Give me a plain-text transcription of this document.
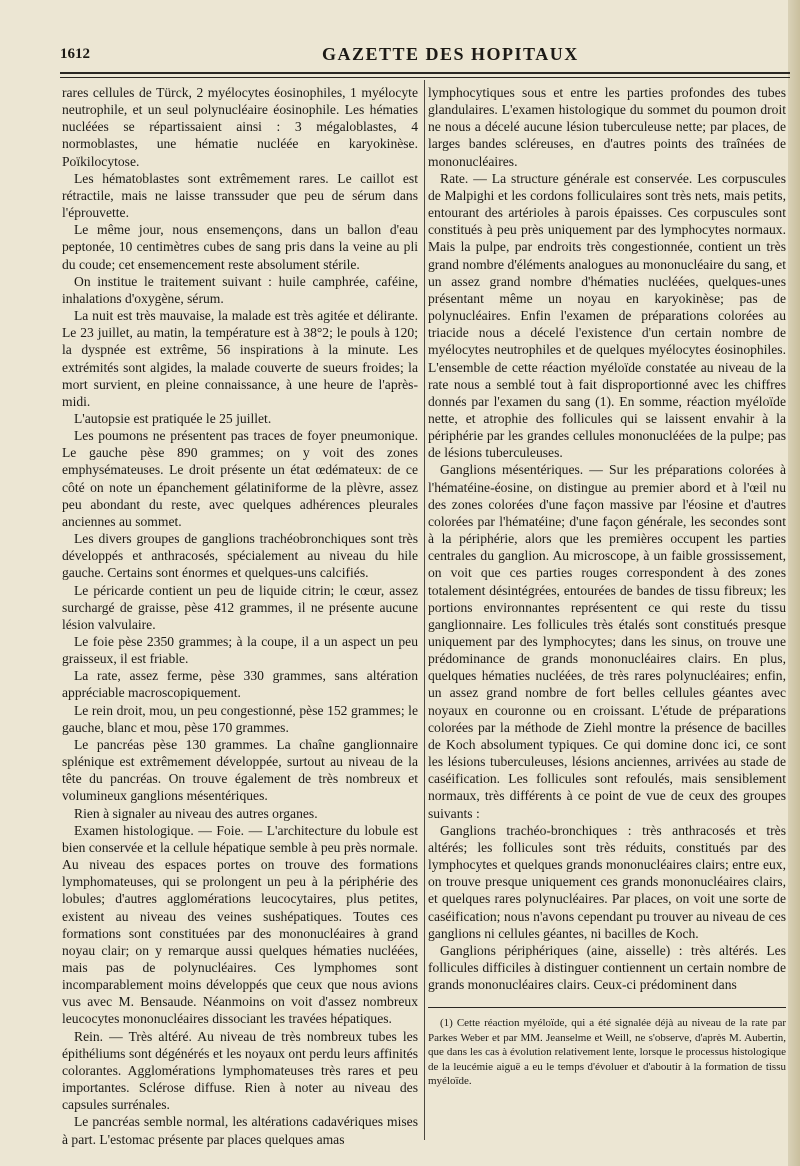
1612	GAZETTE DES HOPITAUX

rares cellules de Türck, 2 myélocytes éosinophiles, 1 myélocyte neutrophile, et un seul polynucléaire éosinophile. Les hématies nucléées se répartissaient ainsi : 3 mégaloblastes, 4 normoblastes, une hématie nucléée en karyokinèse. Poïkilocytose.

Les hématoblastes sont extrêmement rares. Le caillot est rétractile, mais ne laisse transsuder que peu de sérum dans l'éprouvette.

Le même jour, nous ensemençons, dans un ballon d'eau peptonée, 10 centimètres cubes de sang pris dans la veine au pli du coude; cet ensemencement reste absolument stérile.

On institue le traitement suivant : huile camphrée, caféine, inhalations d'oxygène, sérum.

La nuit est très mauvaise, la malade est très agitée et délirante. Le 23 juillet, au matin, la température est à 38°2; le pouls à 120; la dyspnée est extrême, 56 inspirations à la minute. Les extrémités sont algides, la malade couverte de sueurs froides; la mort survient, en pleine connaissance, à une heure de l'après-midi.

L'autopsie est pratiquée le 25 juillet.

Les poumons ne présentent pas traces de foyer pneumonique. Le gauche pèse 890 grammes; on y voit des zones emphysémateuses. Le droit présente un état œdémateux: de ce côté on note un épanchement gélatiniforme de la plèvre, assez peu abondant du reste, avec quelques adhérences pleurales anciennes au sommet.

Les divers groupes de ganglions trachéobronchiques sont très développés et anthracosés, spécialement au niveau du hile gauche. Certains sont énormes et quelques-uns calcifiés.

Le péricarde contient un peu de liquide citrin; le cœur, assez surchargé de graisse, pèse 412 grammes, il ne présente aucune lésion valvulaire.

Le foie pèse 2350 grammes; à la coupe, il a un aspect un peu graisseux, il est friable.

La rate, assez ferme, pèse 330 grammes, sans altération appréciable macroscopiquement.

Le rein droit, mou, un peu congestionné, pèse 152 grammes; le gauche, blanc et mou, pèse 170 grammes.

Le pancréas pèse 130 grammes. La chaîne ganglionnaire splénique est extrêmement développée, surtout au niveau de la tête du pancréas. On trouve également de très nombreux et volumineux ganglions mésentériques.

Rien à signaler au niveau des autres organes.

Examen histologique. — Foie. — L'architecture du lobule est bien conservée et la cellule hépatique semble à peu près normale. Au niveau des espaces portes on trouve des formations lymphomateuses, qui se prolongent un peu à la périphérie des lobules; d'autres agglomérations leucocytaires, plus petites, existent au niveau des veines sushépatiques. Toutes ces formations sont constituées par des mononucléaires à grand noyau clair; on y remarque aussi quelques hématies nucléées, mais pas de polynucléaires. Ces lymphomes sont incomparablement moins développés que ceux que nous avions vus avec M. Bensaude. Néanmoins on voit d'assez nombreux leucocytes mononucléaires dissociant les travées hépatiques.

Rein. — Très altéré. Au niveau de très nombreux tubes les épithéliums sont dégénérés et les noyaux ont perdu leurs affinités colorantes. Agglomérations lymphomateuses très rares et peu importantes. Sclérose diffuse. Rien à noter au niveau des capsules surrénales.

Le pancréas semble normal, les altérations cadavériques mises à part. L'estomac présente par places quelques amas

lymphocytiques sous et entre les parties profondes des tubes glandulaires. L'examen histologique du sommet du poumon droit ne nous a décelé aucune lésion tuberculeuse nette; par places, de larges bandes scléreuses, en d'autres points des traînées de mononucléaires.

Rate. — La structure générale est conservée. Les corpuscules de Malpighi et les cordons folliculaires sont très nets, mais petits, entourant des artérioles à parois épaisses. Ces corpuscules sont constitués à peu près uniquement par des lymphocytes normaux. Mais la pulpe, par endroits très congestionnée, contient un très grand nombre d'éléments analogues au mononucléaire du sang, et un assez grand nombre d'hématies nucléées, quelques-unes présentant même un noyau en karyokinèse; pas de polynucléaires. Enfin l'examen de préparations colorées au triacide nous a décelé l'existence d'un certain nombre de myélocytes neutrophiles et de quelques myélocytes éosinophiles. L'ensemble de cette réaction myéloïde constatée au niveau de la rate nous a semblé tout à fait disproportionné avec les chiffres donnés par l'examen du sang (1). En somme, réaction myéloïde nette, et atrophie des follicules qui se laissent envahir à la périphérie par les grandes cellules mononucléées de la pulpe; pas de lésions tuberculeuses.

Ganglions mésentériques. — Sur les préparations colorées à l'hématéine-éosine, on distingue au premier abord et à l'œil nu des zones colorées d'une façon massive par l'éosine et d'autres colorées par l'hématéine; d'une façon générale, les secondes sont à la périphérie, alors que les premières occupent les parties centrales du ganglion. Au microscope, à un faible grossissement, on voit que ces parties rouges correspondent à des zones totalement désintégrées, entourées de bandes de tissu fibreux; les portions environnantes représentent ce qui reste du tissu ganglionnaire. Les follicules très étalés sont constitués presque uniquement par des lymphocytes; dans les sinus, on trouve une prédominance de grands mononucléaires clairs. En plus, quelques hématies nucléées, de très rares polynucléaires; enfin, un assez grand nombre de fort belles cellules géantes avec noyaux en couronne ou en croissant. L'étude de préparations colorées par la méthode de Ziehl montre la présence de bacilles de Koch absolument typiques. Ce qui domine donc ici, ce sont les lésions tuberculeuses, lésions anciennes, arrivées au stade de caséification. Les follicules sont refoulés, mais sensiblement normaux, très différents à ce point de vue de ceux des groupes suivants :

Ganglions trachéo-bronchiques : très anthracosés et très altérés; les follicules sont très réduits, constitués par des lymphocytes et quelques grands mononucléaires clairs; entre eux, on trouve presque uniquement ces grands mononucléaires clairs, et quelques rares polynucléaires. Par places, on voit une sorte de caséification; nous n'avons cependant pu trouver au niveau de ces ganglions ni cellules géantes, ni bacilles de Koch.

Ganglions périphériques (aine, aisselle) : très altérés. Les follicules difficiles à distinguer contiennent un certain nombre de grands mononucléaires clairs. Ceux-ci prédominent dans

(1) Cette réaction myéloïde, qui a été signalée déjà au niveau de la rate par Parkes Weber et par MM. Jeanselme et Weill, ne s'observe, d'après M. Aubertin, que dans les cas à évolution relativement lente, lorsque le processus histologique de la leucémie aiguë a eu le temps d'évoluer et d'aboutir à la formation de tissu myéloïde.
